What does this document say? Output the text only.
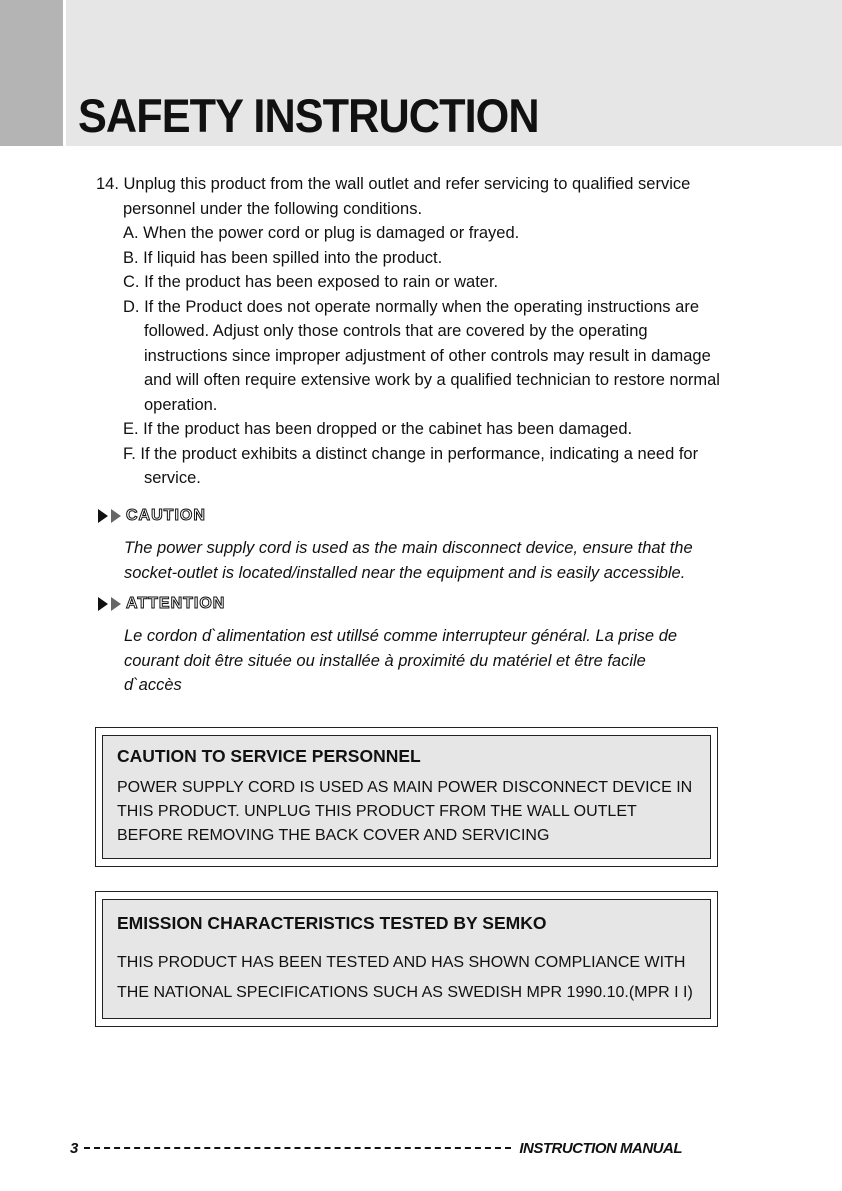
SAFETY INSTRUCTION
14. Unplug this product from the wall outlet and refer servicing to qualified service
personnel under the following conditions.
A. When the power cord or plug is damaged or frayed.
B. If liquid has been spilled into the product.
C. If the product has been exposed to rain or water.
D. If the Product does not operate normally when the operating instructions are
followed. Adjust only those controls that are covered by the operating
instructions since improper adjustment of other controls may result in damage
and will often require extensive work by a qualified technician to restore normal
operation.
E. If the product has been dropped or the cabinet has been damaged.
F. If the product exhibits a distinct change in performance, indicating a need for
service.
CAUTION
The power supply cord is used as the main disconnect device, ensure that the
socket-outlet is located/installed near the equipment and is easily accessible.
ATTENTION
Le cordon d`alimentation est utillsé comme interrupteur général. La prise de
courant doit être située ou installée à proximité du matériel et être facile
d`accès
CAUTION TO SERVICE PERSONNEL
POWER SUPPLY CORD IS USED AS MAIN POWER DISCONNECT DEVICE IN
THIS PRODUCT. UNPLUG THIS PRODUCT FROM THE WALL OUTLET
BEFORE REMOVING THE BACK COVER AND SERVICING
EMISSION CHARACTERISTICS TESTED BY SEMKO
THIS PRODUCT HAS BEEN TESTED AND HAS SHOWN COMPLIANCE WITH
THE NATIONAL SPECIFICATIONS SUCH AS SWEDISH MPR 1990.10.(MPR I I)
3	INSTRUCTION MANUAL
